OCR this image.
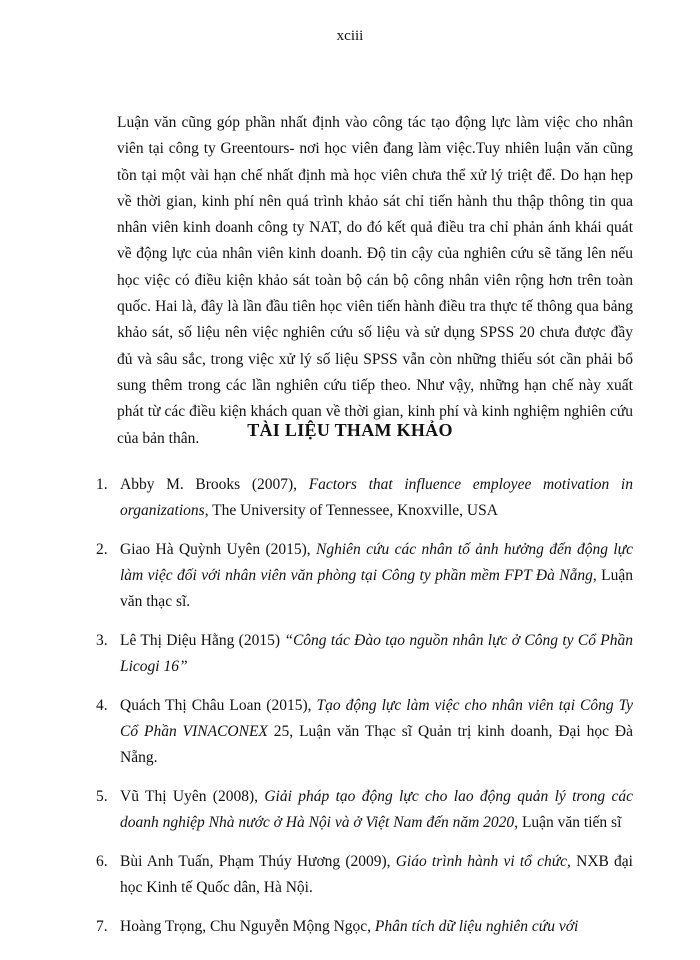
xciii

Luận văn cũng góp phần nhất định vào công tác tạo động lực làm việc cho nhân viên tại công ty Greentours- nơi học viên đang làm việc.Tuy nhiên luận văn cũng tồn tại một vài hạn chế nhất định mà học viên chưa thể xử lý triệt để. Do hạn hẹp về thời gian, kinh phí nên quá trình khảo sát chỉ tiến hành thu thập thông tin qua nhân viên kinh doanh công ty NAT, do đó kết quả điều tra chỉ phản ánh khái quát về động lực của nhân viên kinh doanh. Độ tin cậy của nghiên cứu sẽ tăng lên nếu học việc có điều kiện khảo sát toàn bộ cán bộ công nhân viên rộng hơn trên toàn quốc. Hai là, đây là lần đầu tiên học viên tiến hành điều tra thực tế thông qua bảng khảo sát, số liệu nên việc nghiên cứu số liệu và sử dụng SPSS 20 chưa được đầy đủ và sâu sắc, trong việc xử lý số liệu SPSS vẫn còn những thiếu sót cần phải bổ sung thêm trong các lần nghiên cứu tiếp theo. Như vậy, những hạn chế này xuất phát từ các điều kiện khách quan về thời gian, kinh phí và kinh nghiệm nghiên cứu của bản thân.	TÀI LIỆU THAM KHẢO
1. Abby M. Brooks (2007), Factors that influence employee motivation in organizations, The University of Tennessee, Knoxville, USA
2. Giao Hà Quỳnh Uyên (2015), Nghiên cứu các nhân tố ảnh hưởng đến động lực làm việc đối với nhân viên văn phòng tại Công ty phần mềm FPT Đà Nẵng, Luận văn thạc sĩ.
3. Lê Thị Diệu Hằng (2015) “Công tác Đào tạo nguồn nhân lực ở Công ty Cổ Phần Licogi 16”
4. Quách Thị Châu Loan (2015), Tạo động lực làm việc cho nhân viên tại Công Ty Cổ Phần VINACONEX 25, Luận văn Thạc sĩ Quản trị kinh doanh, Đại học Đà Nẵng.
5. Vũ Thị Uyên (2008), Giải pháp tạo động lực cho lao động quản lý trong các doanh nghiệp Nhà nước ở Hà Nội và ở Việt Nam đến năm 2020, Luận văn tiến sĩ
6. Bùi Anh Tuấn, Phạm Thúy Hương (2009), Giáo trình hành vi tổ chức, NXB đại học Kinh tế Quốc dân, Hà Nội.
7. Hoàng Trọng, Chu Nguyễn Mộng Ngọc, Phân tích dữ liệu nghiên cứu với
